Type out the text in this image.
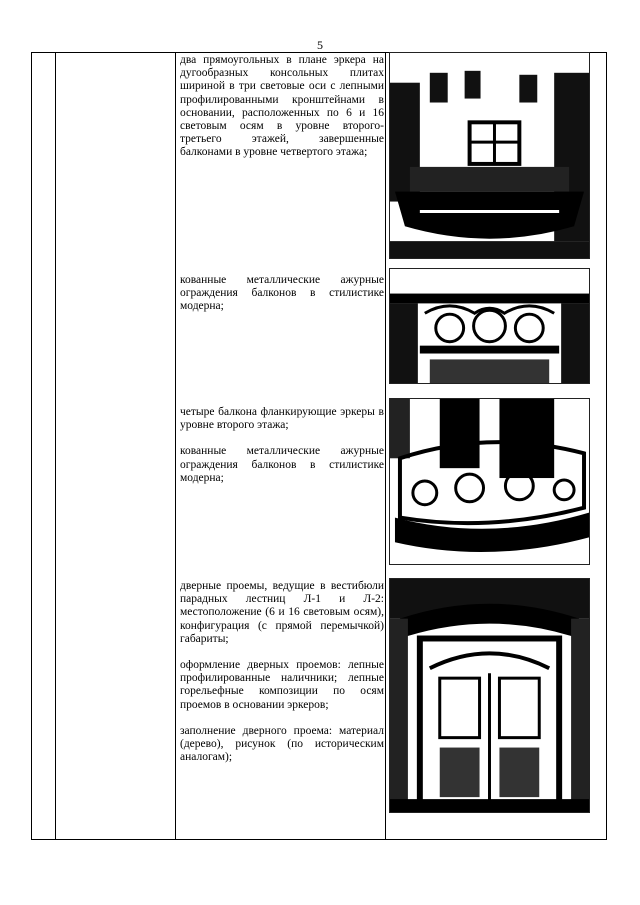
5

два прямоугольных в плане эркера на дугообразных консольных плитах шириной в три световые оси с лепными профилированными кронштейнами в основании, расположенных по 6 и 16 световым осям в уровне второго-третьего этажей, завершенные балконами в уровне четвертого этажа;

кованные металлические ажурные ограждения балконов в стилистике модерна;

четыре балкона фланкирующие эркеры в уровне второго этажа;

кованные металлические ажурные ограждения балконов в стилистике модерна;

дверные проемы, ведущие в вестибюли парадных лестниц Л-1 и Л-2: местоположение (6 и 16 световым осям), конфигурация (с прямой перемычкой) габариты;

оформление дверных проемов: лепные профилированные наличники; лепные горельефные композиции по осям проемов в основании эркеров;

заполнение дверного проема: материал (дерево), рисунок (по историческим аналогам);
